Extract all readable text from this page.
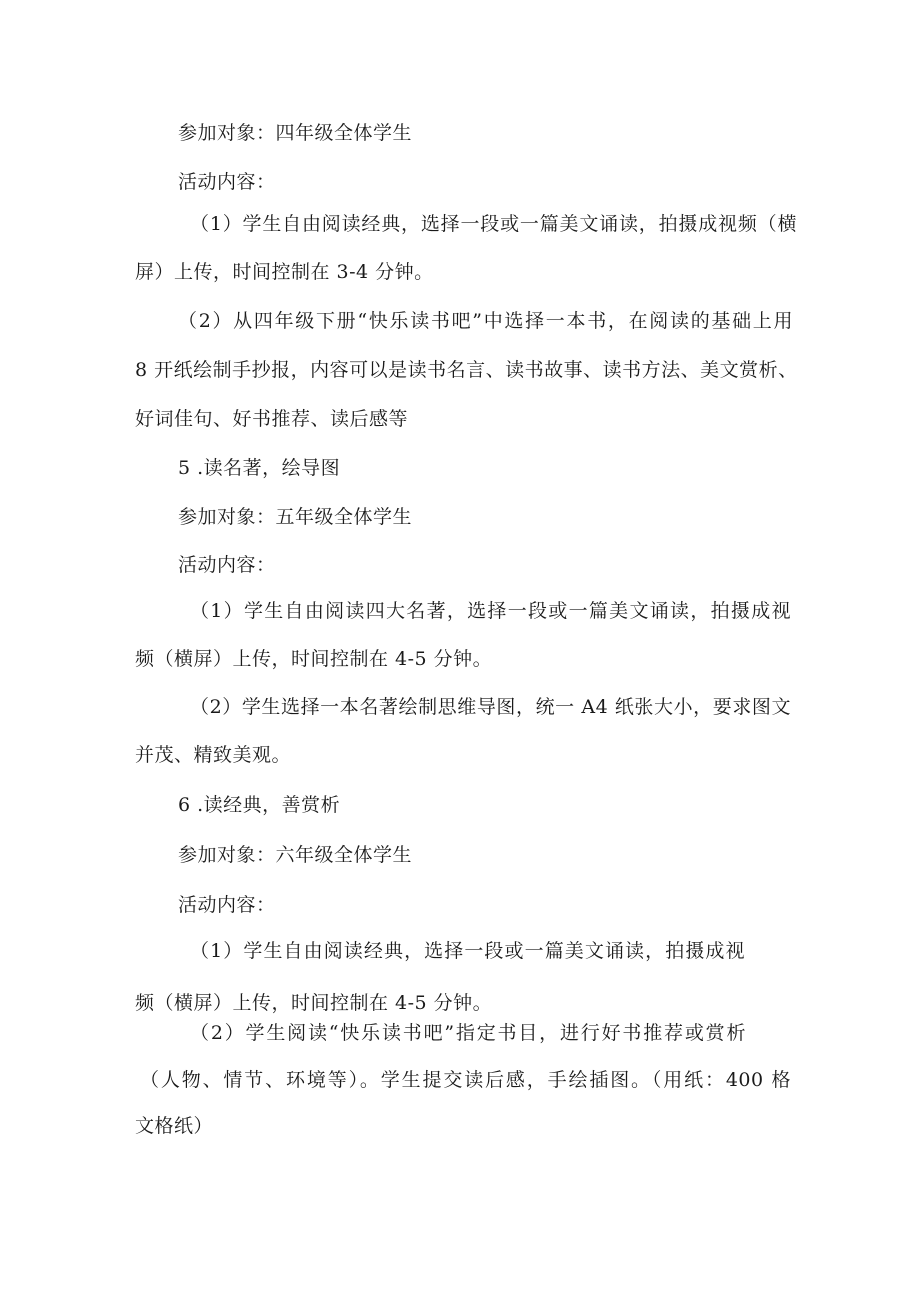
参加对象：四年级全体学生
活动内容：
（1）学生自由阅读经典，选择一段或一篇美文诵读，拍摄成视频（横
屏）上传，时间控制在 3-4 分钟。
（2）从四年级下册“快乐读书吧”中选择一本书，在阅读的基础上用
8 开纸绘制手抄报，内容可以是读书名言、读书故事、读书方法、美文赏析、
好词佳句、好书推荐、读后感等
5 .读名著，绘导图
参加对象：五年级全体学生
活动内容：
（1）学生自由阅读四大名著，选择一段或一篇美文诵读，拍摄成视
频（横屏）上传，时间控制在 4-5 分钟。
（2）学生选择一本名著绘制思维导图，统一 A4 纸张大小，要求图文
并茂、精致美观。
6 .读经典，善赏析
参加对象：六年级全体学生
活动内容：
（1）学生自由阅读经典，选择一段或一篇美文诵读，拍摄成视
频（横屏）上传，时间控制在 4-5 分钟。
（2）学生阅读“快乐读书吧”指定书目，进行好书推荐或赏析
（人物、情节、环境等）。学生提交读后感，手绘插图。（用纸：400 格
文格纸）
